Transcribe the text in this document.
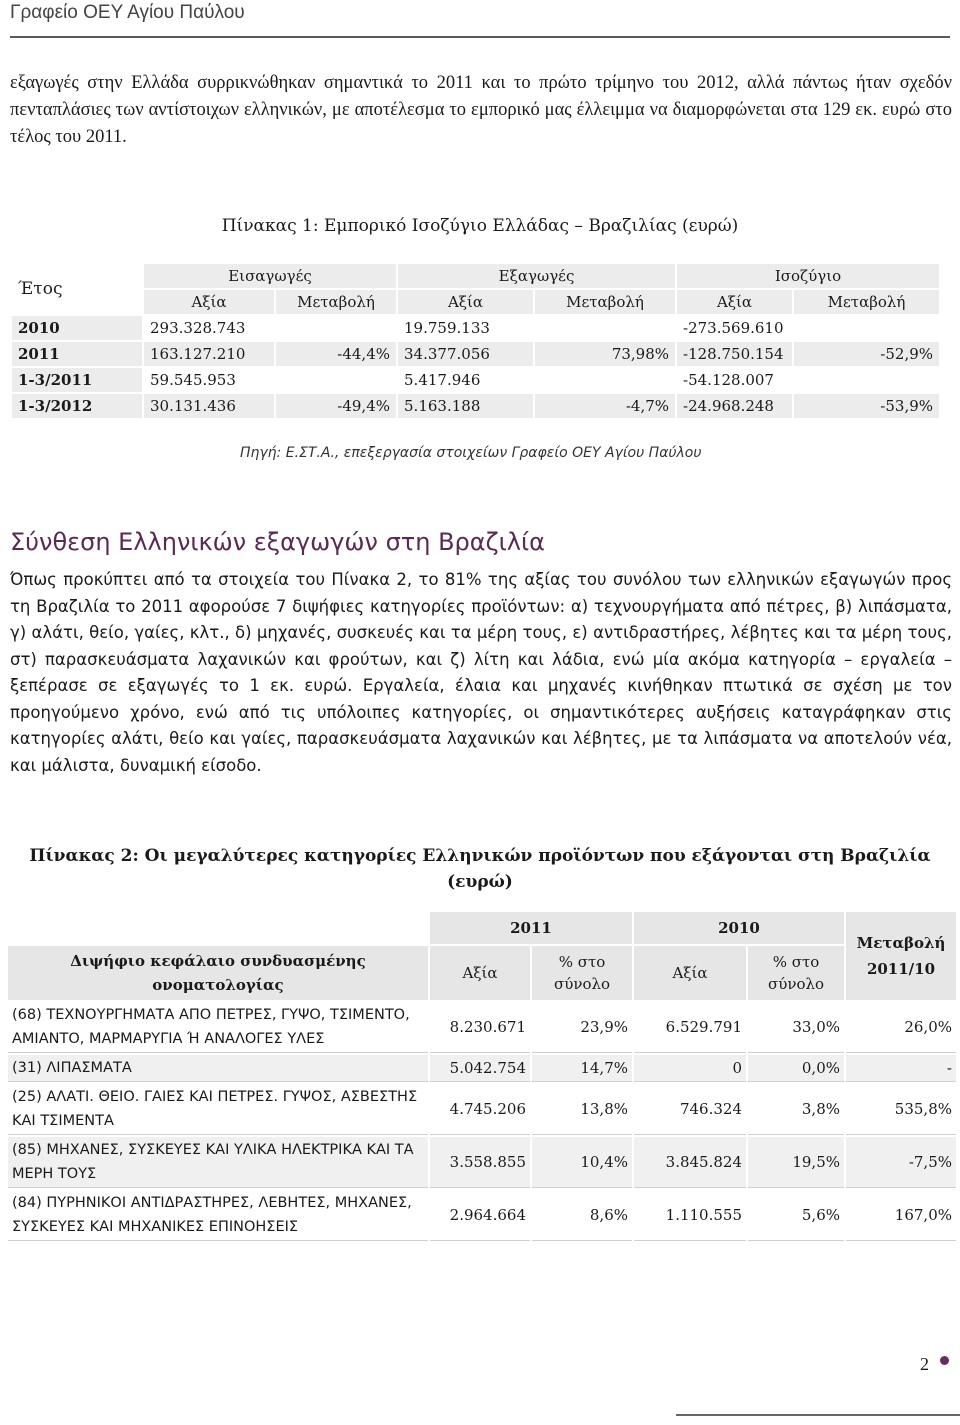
Γραφείο ΟΕΥ Αγίου Παύλου
εξαγωγές στην Ελλάδα συρρικνώθηκαν σημαντικά το 2011 και το πρώτο τρίμηνο του 2012, αλλά πάντως ήταν σχεδόν πενταπλάσιες των αντίστοιχων ελληνικών, με αποτέλεσμα το εμπορικό μας έλλειμμα να διαμορφώνεται στα 129 εκ. ευρώ στο τέλος του 2011.
Πίνακας 1: Εμπορικό Ισοζύγιο Ελλάδας – Βραζιλίας (ευρώ)
Έτος	Εισαγωγές		Εξαγωγές		Ισοζύγιο	
	Αξία	Μεταβολή	Αξία	Μεταβολή	Αξία	Μεταβολή
2010	293.328.743		19.759.133		-273.569.610	
2011	163.127.210	-44,4%	34.377.056	73,98%	-128.750.154	-52,9%
1-3/2011	59.545.953		5.417.946		-54.128.007	
1-3/2012	30.131.436	-49,4%	5.163.188	-4,7%	-24.968.248	-53,9%
Πηγή: Ε.ΣΤ.Α., επεξεργασία στοιχείων Γραφείο ΟΕΥ Αγίου Παύλου
Σύνθεση Ελληνικών εξαγωγών στη Βραζιλία
Όπως προκύπτει από τα στοιχεία του Πίνακα 2, το 81% της αξίας του συνόλου των ελληνικών εξαγωγών προς τη Βραζιλία το 2011 αφορούσε 7 διψήφιες κατηγορίες προϊόντων: α) τεχνουργήματα από πέτρες, β) λιπάσματα, γ) αλάτι, θείο, γαίες, κλτ., δ) μηχανές, συσκευές και τα μέρη τους, ε) αντιδραστήρες, λέβητες και τα μέρη τους, στ) παρασκευάσματα λαχανικών και φρούτων, και ζ) λίτη και λάδια, ενώ μία ακόμα κατηγορία – εργαλεία – ξεπέρασε σε εξαγωγές το 1 εκ. ευρώ. Εργαλεία, έλαια και μηχανές κινήθηκαν πτωτικά σε σχέση με τον προηγούμενο χρόνο, ενώ από τις υπόλοιπες κατηγορίες, οι σημαντικότερες αυξήσεις καταγράφηκαν στις κατηγορίες αλάτι, θείο και γαίες, παρασκευάσματα λαχανικών και λέβητες, με τα λιπάσματα να αποτελούν νέα, και μάλιστα, δυναμική είσοδο.
Πίνακας 2: Οι μεγαλύτερες κατηγορίες Ελληνικών προϊόντων που εξάγονται στη Βραζιλία
(ευρώ)
	2011		2010		Μεταβολή
2011/10

Διψήφιο κεφάλαιο συνδυασμένης ονοματολογίας	Αξία	% στο σύνολο	Αξία	% στο σύνολο	
(68) ΤΕΧΝΟΥΡΓΗΜΑΤΑ ΑΠΟ ΠΕΤΡΕΣ, ΓΥΨΟ, ΤΣΙΜΕΝΤΟ, ΑΜΙΑΝΤΟ, ΜΑΡΜΑΡΥΓΙΑ Ή ΑΝΑΛΟΓΕΣ ΥΛΕΣ	8.230.671	23,9%	6.529.791	33,0%	26,0%
(31) ΛΙΠΑΣΜΑΤΑ	5.042.754	14,7%	0	0,0%	-
(25) ΑΛΑΤΙ. ΘΕΙΟ. ΓΑΙΕΣ ΚΑΙ ΠΕΤΡΕΣ. ΓΥΨΟΣ, ΑΣΒΕΣΤΗΣ ΚΑΙ ΤΣΙΜΕΝΤΑ	4.745.206	13,8%	746.324	3,8%	535,8%
(85) ΜΗΧΑΝΕΣ, ΣΥΣΚΕΥΕΣ ΚΑΙ ΥΛΙΚΑ ΗΛΕΚΤΡΙΚΑ ΚΑΙ ΤΑ ΜΕΡΗ ΤΟΥΣ	3.558.855	10,4%	3.845.824	19,5%	-7,5%
(84) ΠΥΡΗΝΙΚΟΙ ΑΝΤΙΔΡΑΣΤΗΡΕΣ, ΛΕΒΗΤΕΣ, ΜΗΧΑΝΕΣ, ΣΥΣΚΕΥΕΣ ΚΑΙ ΜΗΧΑΝΙΚΕΣ ΕΠΙΝΟΗΣΕΙΣ	2.964.664	8,6%	1.110.555	5,6%	167,0%
2
